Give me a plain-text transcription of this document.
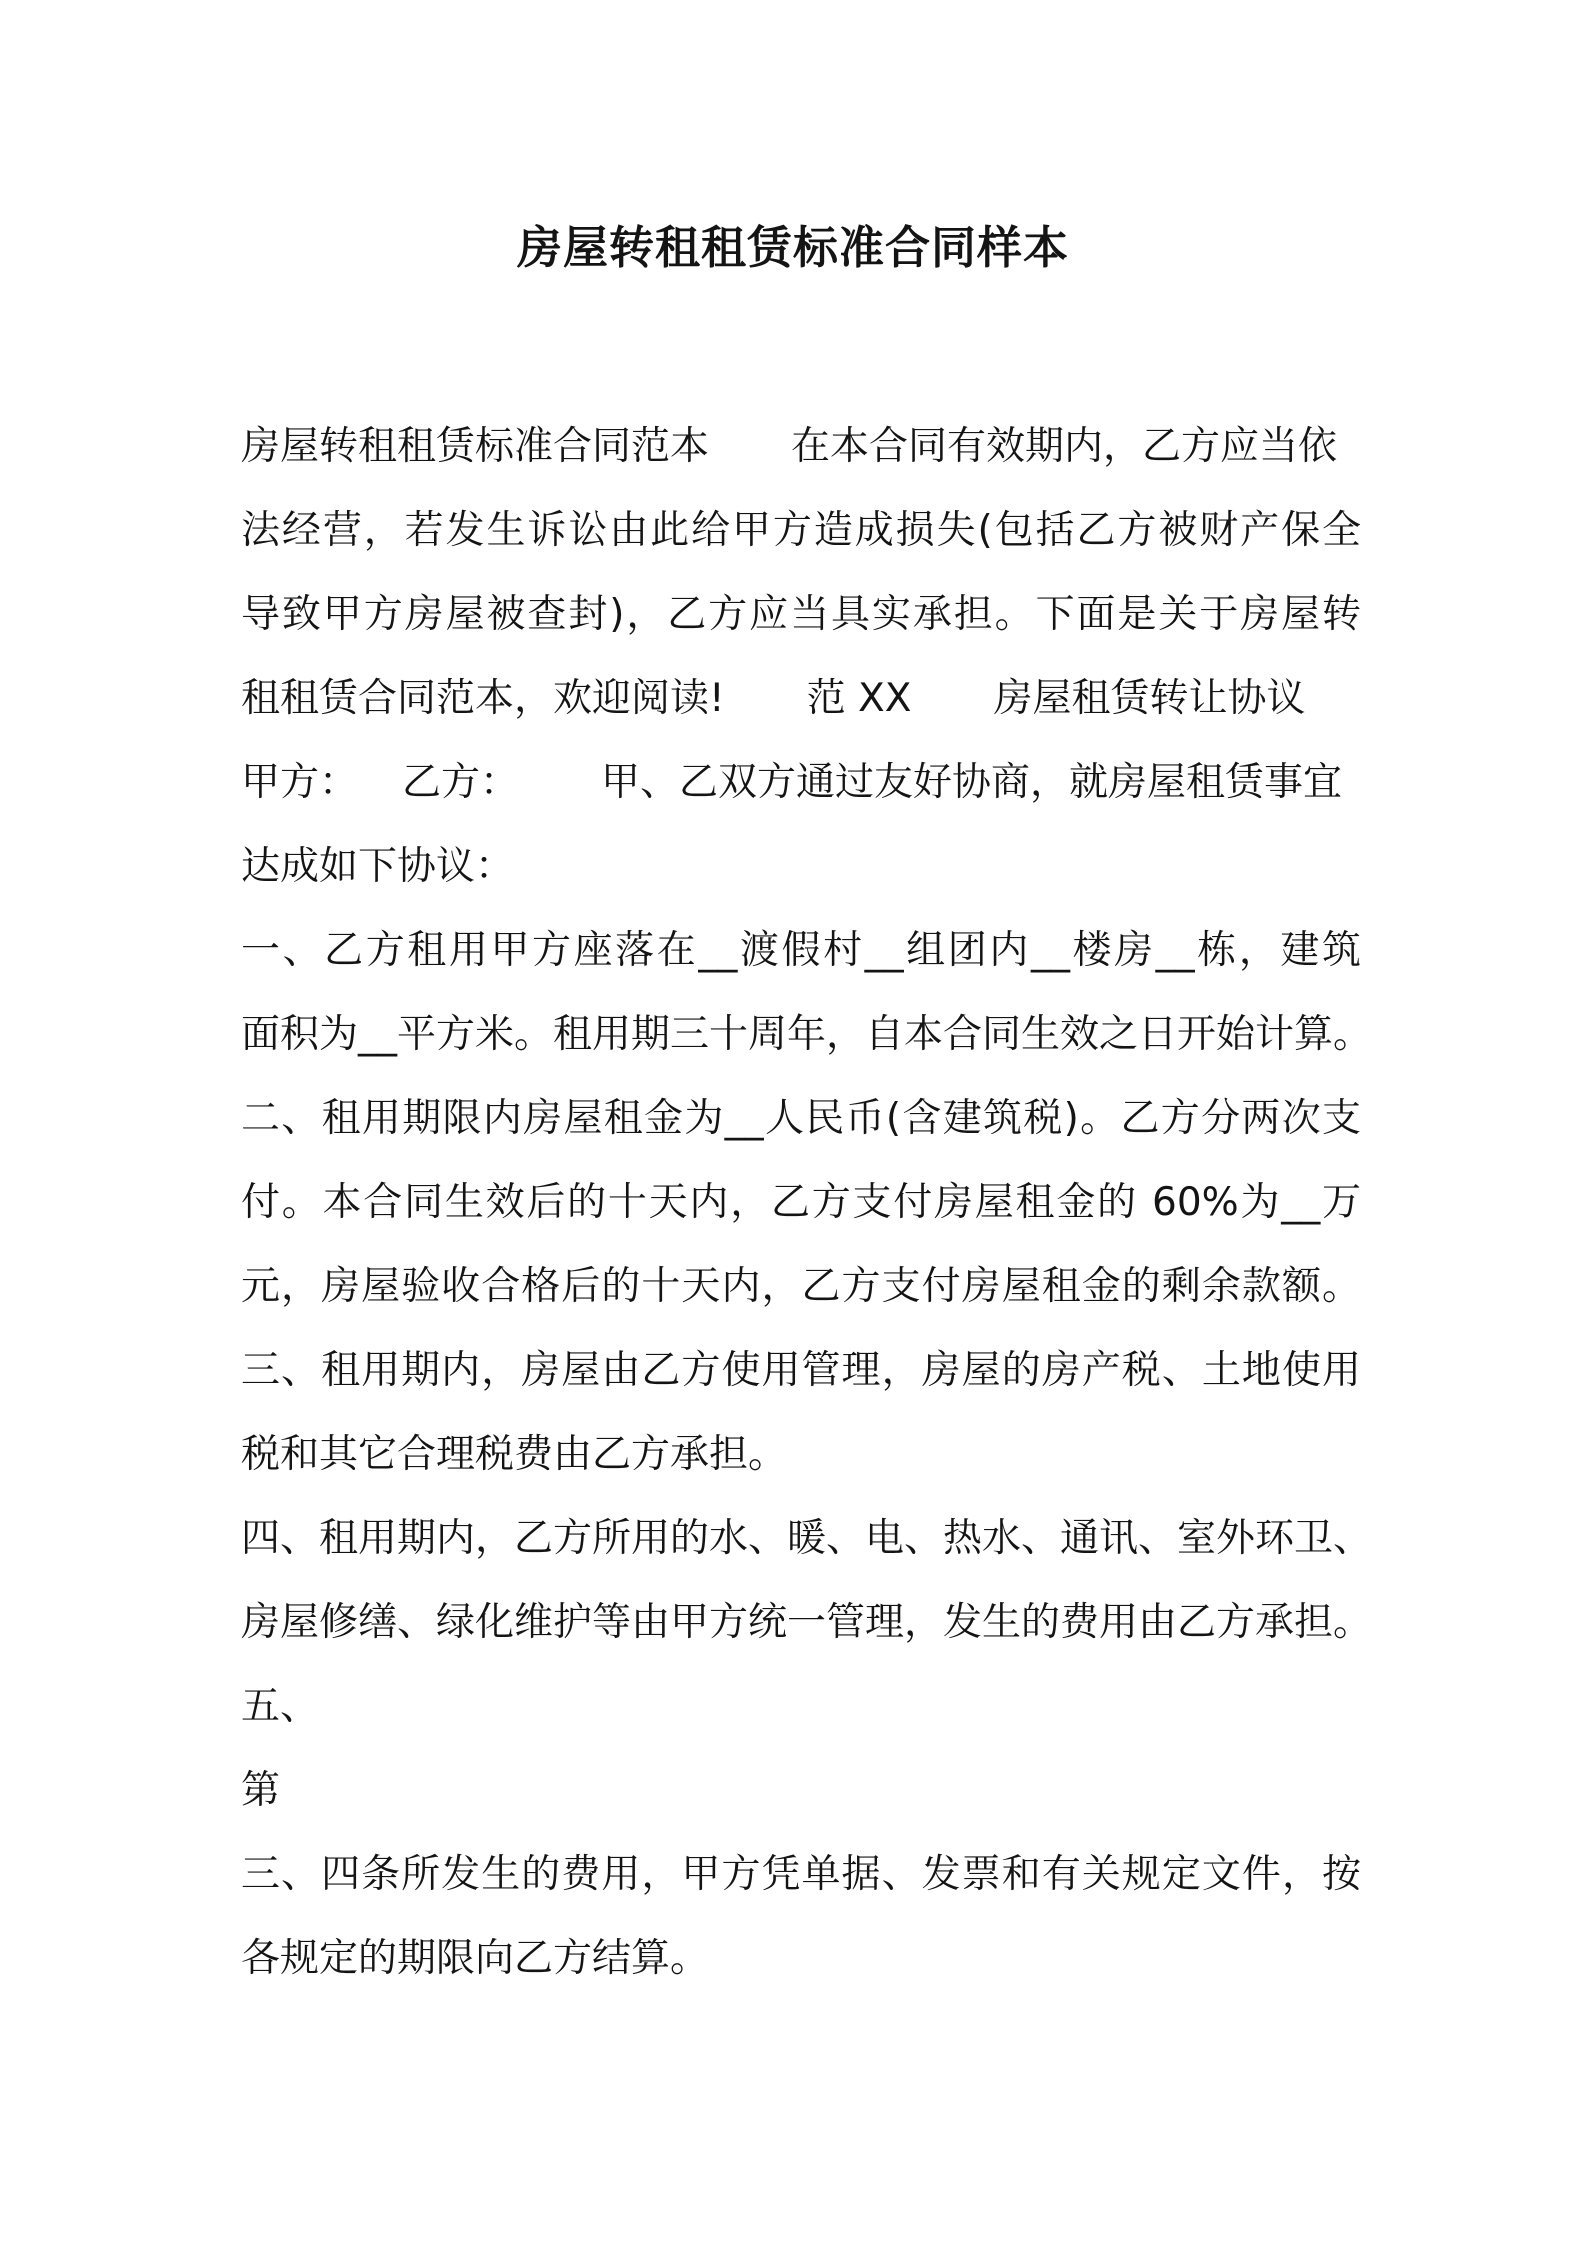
房屋转租租赁标准合同样本
房屋转租租赁标准合同范本 在本合同有效期内，乙方应当依
法经营，若发生诉讼由此给甲方造成损失(包括乙方被财产保全
导致甲方房屋被查封)，乙方应当具实承担。下面是关于房屋转
租租赁合同范本，欢迎阅读! 范 XX 房屋租赁转让协议
甲方： 乙方： 甲、乙双方通过友好协商，就房屋租赁事宜
达成如下协议：
一、乙方租用甲方座落在__渡假村__组团内__楼房__栋，建筑
面积为__平方米。租用期三十周年，自本合同生效之日开始计算。
二、租用期限内房屋租金为__人民币(含建筑税)。乙方分两次支
付。本合同生效后的十天内，乙方支付房屋租金的 60%为__万
元，房屋验收合格后的十天内，乙方支付房屋租金的剩余款额。
三、租用期内，房屋由乙方使用管理，房屋的房产税、土地使用
税和其它合理税费由乙方承担。
四、租用期内，乙方所用的水、暖、电、热水、通讯、室外环卫、
房屋修缮、绿化维护等由甲方统一管理，发生的费用由乙方承担。
五、
第
三、四条所发生的费用，甲方凭单据、发票和有关规定文件，按
各规定的期限向乙方结算。
